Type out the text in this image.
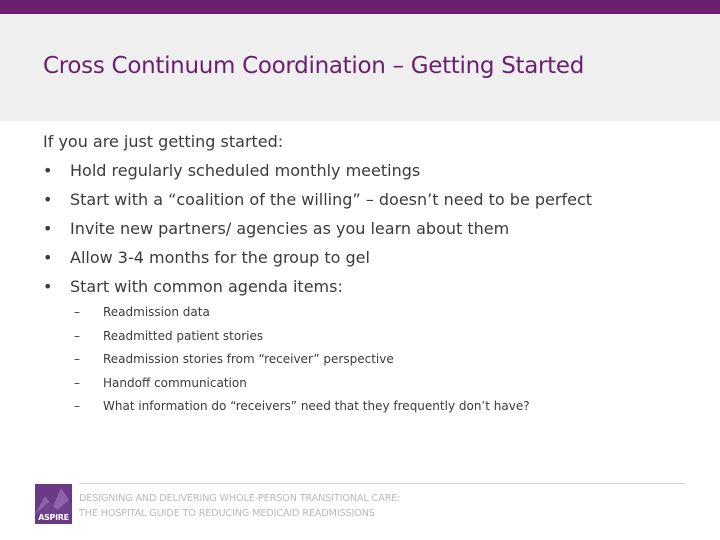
Cross Continuum Coordination – Getting Started
If you are just getting started:
• Hold regularly scheduled monthly meetings
• Start with a “coalition of the willing” – doesn’t need to be perfect
• Invite new partners/ agencies as you learn about them
• Allow 3-4 months for the group to gel
• Start with common agenda items:
– Readmission data
– Readmitted patient stories
– Readmission stories from “receiver” perspective
– Handoff communication
– What information do “receivers” need that they frequently don’t have?
ASPIRE
DESIGNING AND DELIVERING WHOLE-PERSON TRANSITIONAL CARE:
THE HOSPITAL GUIDE TO REDUCING MEDICAID READMISSIONS
